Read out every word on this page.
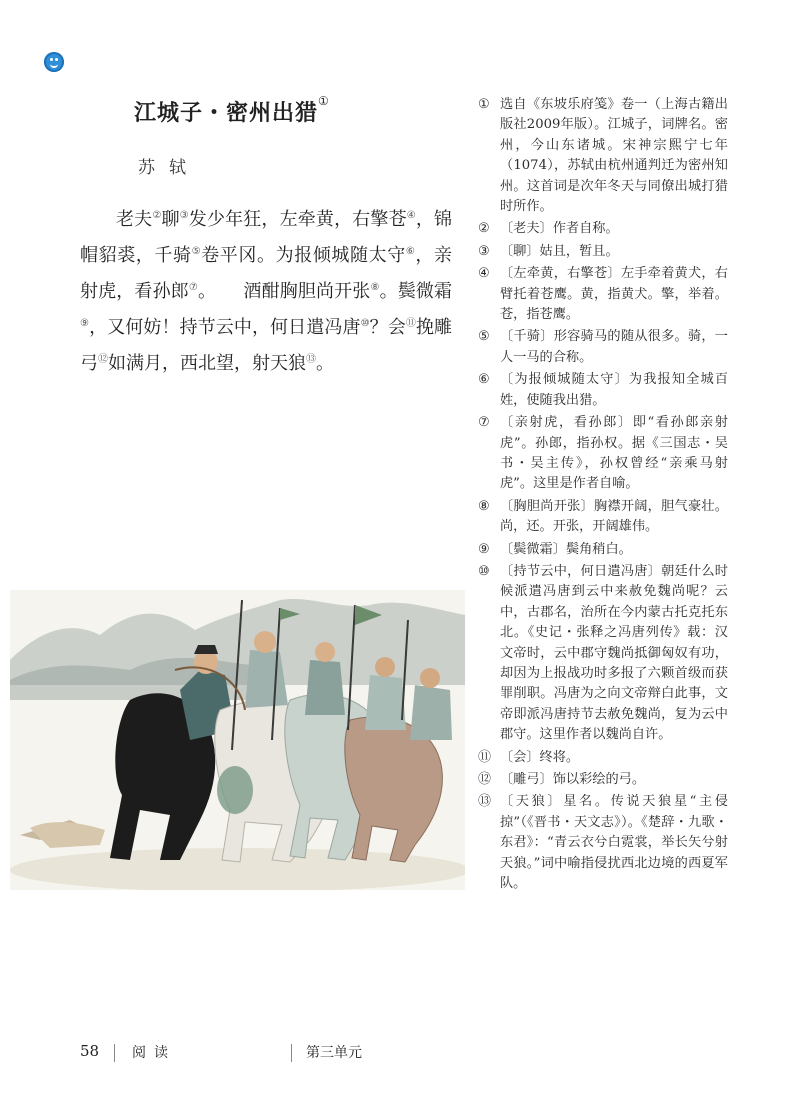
江城子・密州出猎①
苏轼

老夫②聊③发少年狂，左牵黄，右擎苍④，锦帽貂裘，千骑⑤卷平冈。为报倾城随太守⑥，亲射虎，看孙郎⑦。　　酒酣胸胆尚开张⑧。鬓微霜⑨，又何妨！持节云中，何日遣冯唐⑩？会⑪挽雕弓⑫如满月，西北望，射天狼⑬。

① 选自《东坡乐府笺》卷一（上海古籍出版社2009年版）。江城子，词牌名。密州，今山东诸城。宋神宗熙宁七年（1074），苏轼由杭州通判迁为密州知州。这首词是次年冬天与同僚出城打猎时所作。
② 〔老夫〕作者自称。
③ 〔聊〕姑且，暂且。
④ 〔左牵黄，右擎苍〕左手牵着黄犬，右臂托着苍鹰。黄，指黄犬。擎，举着。苍，指苍鹰。
⑤ 〔千骑〕形容骑马的随从很多。骑，一人一马的合称。
⑥ 〔为报倾城随太守〕为我报知全城百姓，使随我出猎。
⑦ 〔亲射虎，看孙郎〕即“看孙郎亲射虎”。孙郎，指孙权。据《三国志・吴书・吴主传》，孙权曾经“亲乘马射虎”。这里是作者自喻。
⑧ 〔胸胆尚开张〕胸襟开阔，胆气豪壮。尚，还。开张，开阔雄伟。
⑨ 〔鬓微霜〕鬓角稍白。
⑩ 〔持节云中，何日遣冯唐〕朝廷什么时候派遣冯唐到云中来赦免魏尚呢？云中，古郡名，治所在今内蒙古托克托东北。《史记・张释之冯唐列传》载：汉文帝时，云中郡守魏尚抵御匈奴有功，却因为上报战功时多报了六颗首级而获罪削职。冯唐为之向文帝辩白此事，文帝即派冯唐持节去赦免魏尚，复为云中郡守。这里作者以魏尚自许。
⑪ 〔会〕终将。
⑫ 〔雕弓〕饰以彩绘的弓。
⑬ 〔天狼〕星名。传说天狼星“主侵掠”（《晋书・天文志》）。《楚辞・九歌・东君》：“青云衣兮白霓裳，举长矢兮射天狼。”词中喻指侵扰西北边境的西夏军队。
58 阅读	第三单元
